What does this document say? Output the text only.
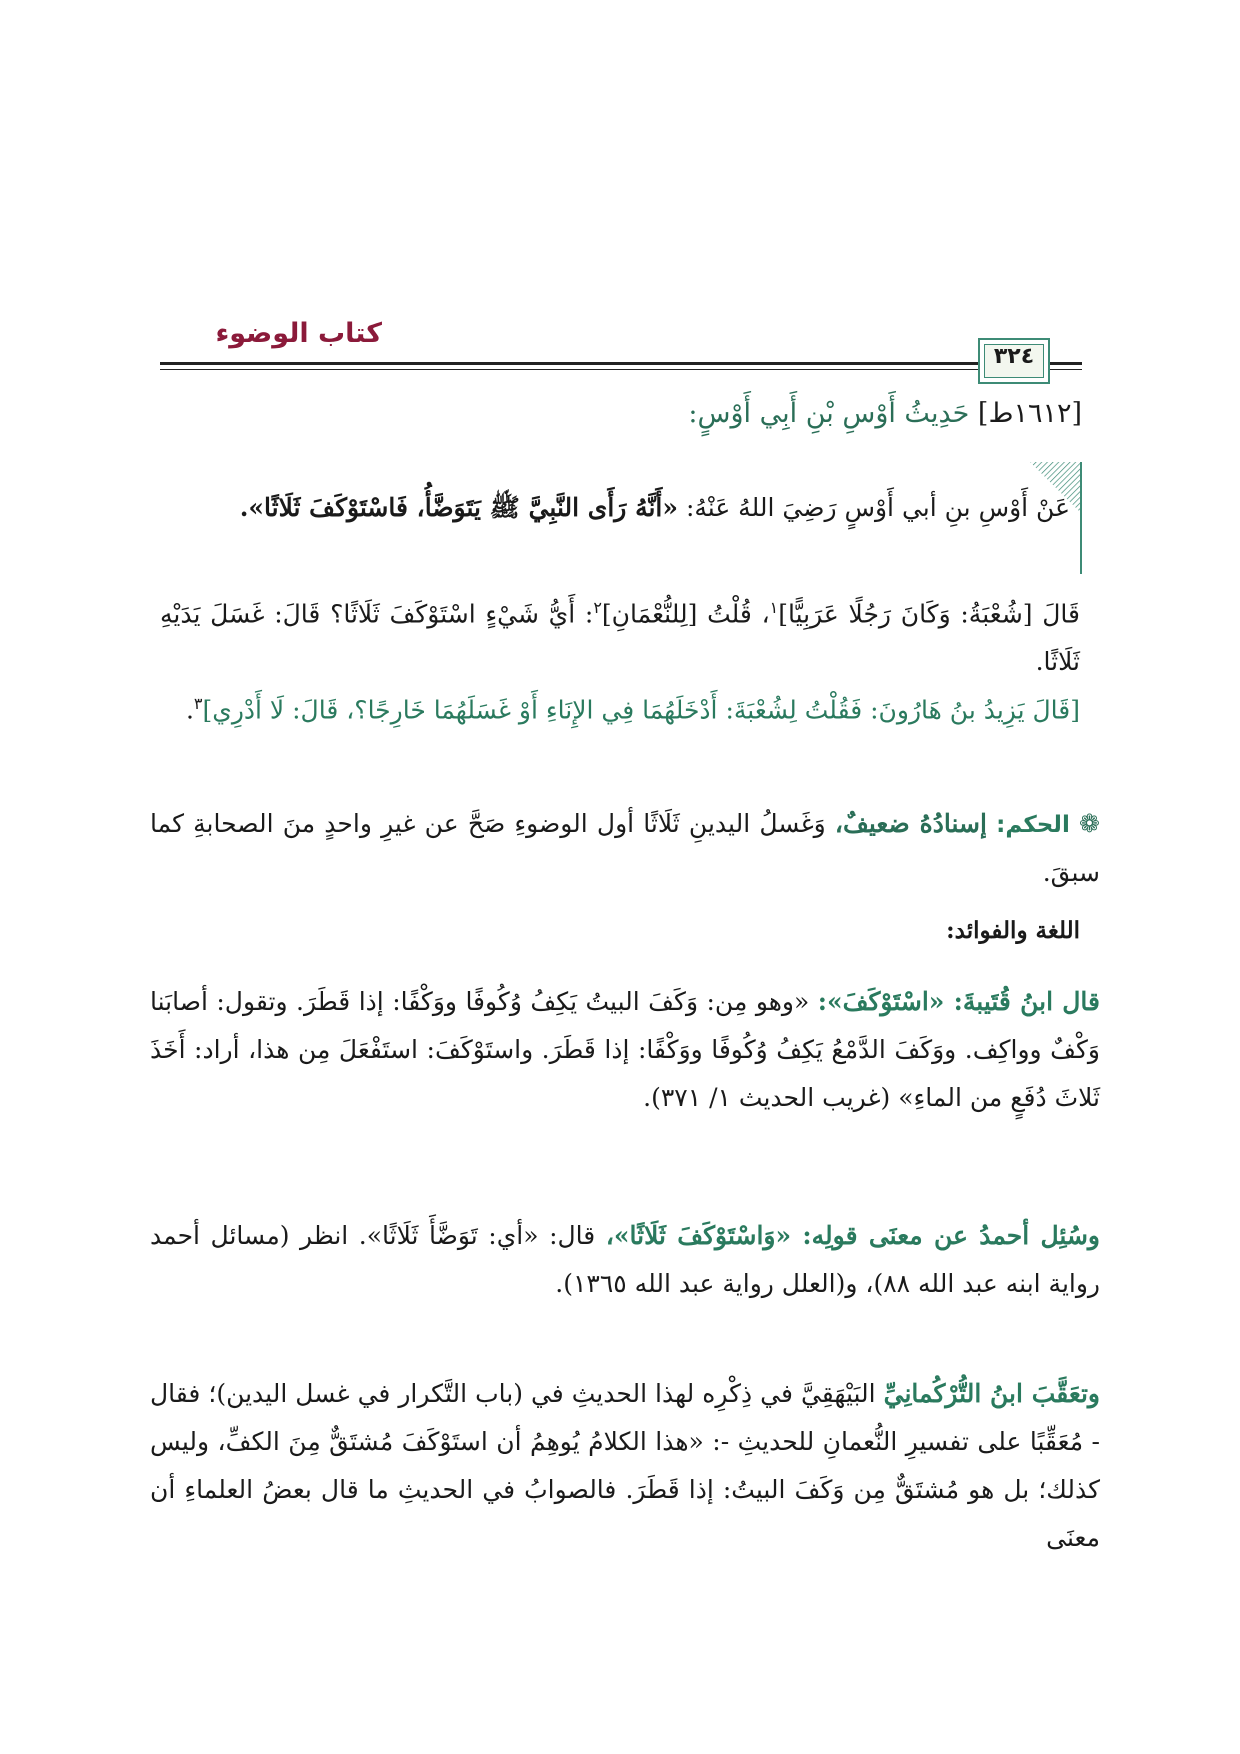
كتاب الوضوء
٣٢٤
[١٦١٢ط] حَدِيثُ أَوْسِ بْنِ أَبِي أَوْسٍ:
عَنْ أَوْسِ بنِ أبي أَوْسٍ رَضِيَ اللهُ عَنْهُ: «أَنَّهُ رَأَى النَّبِيَّ ﷺ يَتَوَضَّأُ، فَاسْتَوْكَفَ ثَلَاثًا».
قَالَ [شُعْبَةُ: وَكَانَ رَجُلًا عَرَبِيًّا]$^١$، قُلْتُ [لِلنُّعْمَانِ]$^٢$: أَيُّ شَيْءٍ اسْتَوْكَفَ ثَلَاثًا؟ قَالَ: غَسَلَ يَدَيْهِ ثَلَاثًا.
[قَالَ يَزِيدُ بنُ هَارُونَ: فَقُلْتُ لِشُعْبَةَ: أَدْخَلَهُمَا فِي الإِنَاءِ أَوْ غَسَلَهُمَا خَارِجًا؟، قَالَ: لَا أَدْرِي]$^٣$.
❁ الحكم: إسنادُهُ ضعيفٌ، وَغَسلُ اليدينِ ثَلَاثًا أول الوضوءِ صَحَّ عن غيرِ واحدٍ منَ الصحابةِ كما سبقَ.
اللغة والفوائد:
قال ابنُ قُتَيبةَ: «اسْتَوْكَفَ»: «وهو مِن: وَكَفَ البيتُ يَكِفُ وُكُوفًا ووَكْفًا: إذا قَطَرَ. وتقول: أصابَنا وَكْفٌ وواكِف. ووَكَفَ الدَّمْعُ يَكِفُ وُكُوفًا ووَكْفًا: إذا قَطَرَ. واستَوْكَفَ: استَفْعَلَ مِن هذا، أراد: أَخَذَ ثَلاثَ دُفَعٍ من الماءِ» (غريب الحديث ١/ ٣٧١).
وسُئِل أحمدُ عن معنَى قولِه: «وَاسْتَوْكَفَ ثَلَاثًا»، قال: «أي: تَوَضَّأَ ثَلَاثًا». انظر (مسائل أحمد رواية ابنه عبد الله ٨٨)، و(العلل رواية عبد الله ١٣٦٥).
وتعَقَّبَ ابنُ التُّرْكُمانِيِّ البَيْهَقِيَّ في ذِكْرِه لهذا الحديثِ في (باب التَّكرار في غسل اليدين)؛ فقال - مُعَقِّبًا على تفسيرِ النُّعمانِ للحديثِ -: «هذا الكلامُ يُوهِمُ أن استَوْكَفَ مُشتَقٌّ مِنَ الكفِّ، وليس كذلك؛ بل هو مُشتَقٌّ مِن وَكَفَ البيتُ: إذا قَطَرَ. فالصوابُ في الحديثِ ما قال بعضُ العلماءِ أن معنَى
